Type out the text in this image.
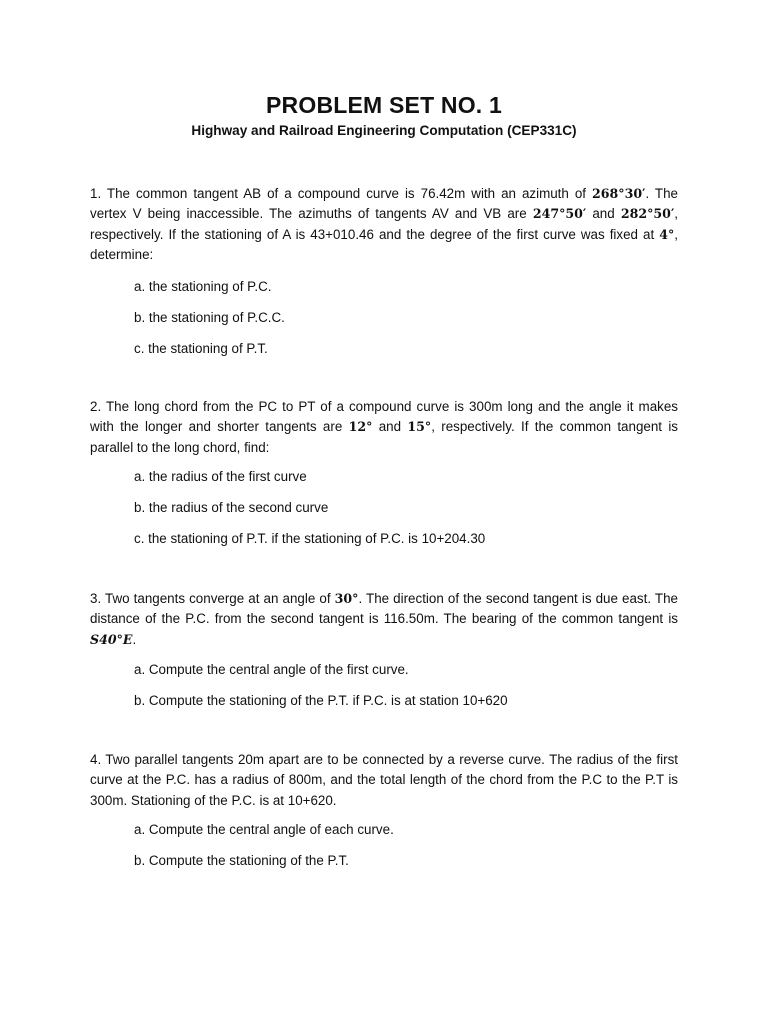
PROBLEM SET NO. 1
Highway and Railroad Engineering Computation (CEP331C)

1. The common tangent AB of a compound curve is 76.42m with an azimuth of 268°30′. The vertex V being inaccessible. The azimuths of tangents AV and VB are 247°50′ and 282°50′, respectively. If the stationing of A is 43+010.46 and the degree of the first curve was fixed at 4°, determine:

a. the stationing of P.C.

b. the stationing of P.C.C.

c. the stationing of P.T.

2. The long chord from the PC to PT of a compound curve is 300m long and the angle it makes with the longer and shorter tangents are 12° and 15°, respectively. If the common tangent is parallel to the long chord, find:

a. the radius of the first curve

b. the radius of the second curve

c. the stationing of P.T. if the stationing of P.C. is 10+204.30

3. Two tangents converge at an angle of 30°. The direction of the second tangent is due east. The distance of the P.C. from the second tangent is 116.50m. The bearing of the common tangent is S40°E.

a. Compute the central angle of the first curve.

b. Compute the stationing of the P.T. if P.C. is at station 10+620

4. Two parallel tangents 20m apart are to be connected by a reverse curve. The radius of the first curve at the P.C. has a radius of 800m, and the total length of the chord from the P.C to the P.T is 300m. Stationing of the P.C. is at 10+620.

a. Compute the central angle of each curve.

b. Compute the stationing of the P.T.
